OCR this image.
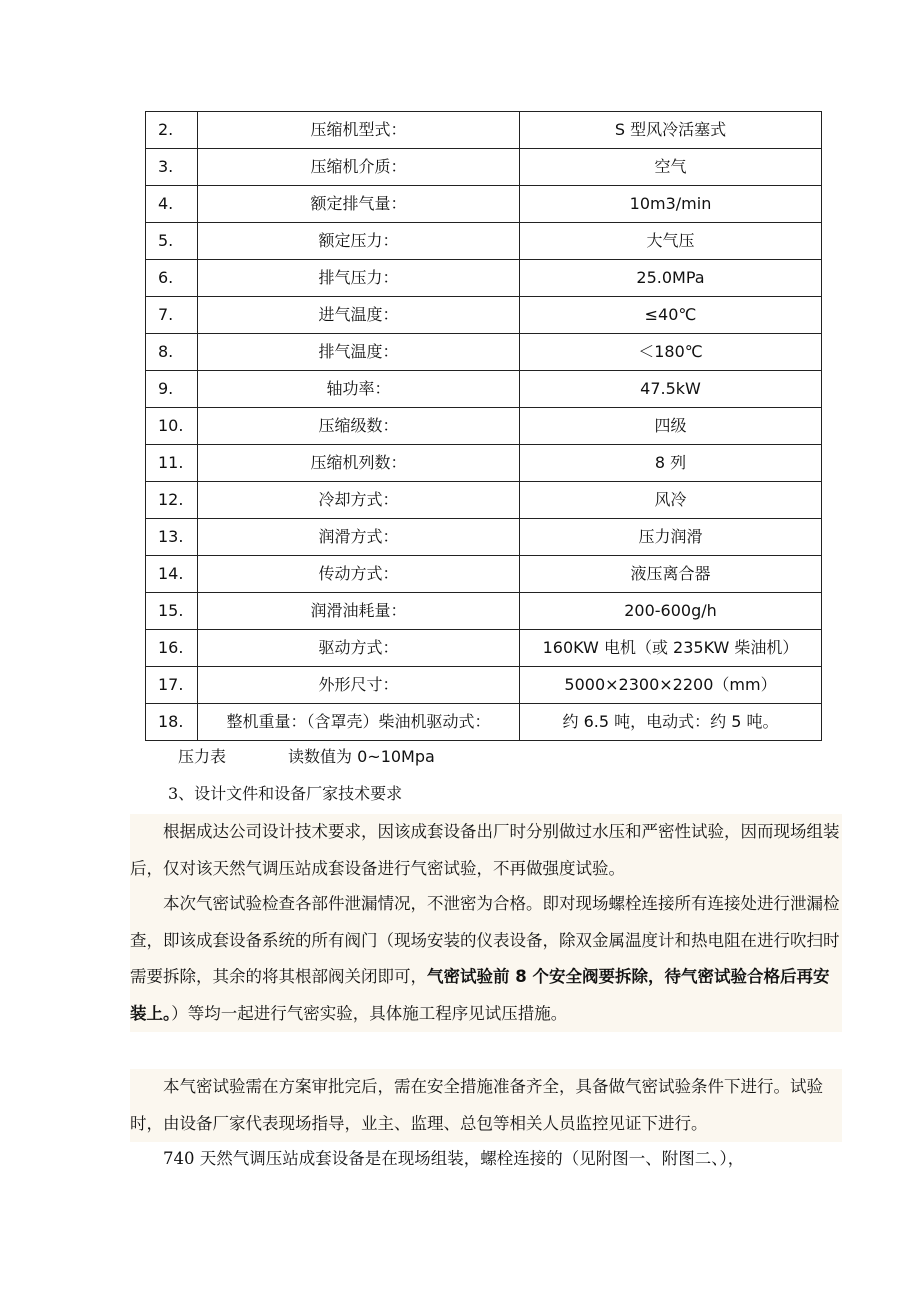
2.	压缩机型式：	S 型风冷活塞式
3.	压缩机介质：	空气
4.	额定排气量：	10m3/min
5.	额定压力：	大气压
6.	排气压力：	25.0MPa
7.	进气温度：	≤40℃
8.	排气温度：	＜180℃
9.	轴功率：	47.5kW
10.	压缩级数：	四级
11.	压缩机列数：	8 列
12.	冷却方式：	风冷
13.	润滑方式：	压力润滑
14.	传动方式：	液压离合器
15.	润滑油耗量：	200-600g/h
16.	驱动方式：	160KW 电机（或 235KW 柴油机）
17.	外形尺寸：	5000×2300×2200（mm）
18.	整机重量：（含罩壳）柴油机驱动式：	约 6.5 吨，电动式：约 5 吨。
压力表	读数值为 0~10Mpa
3、设计文件和设备厂家技术要求

根据成达公司设计技术要求，因该成套设备出厂时分别做过水压和严密性试验，因而现场组装后，仅对该天然气调压站成套设备进行气密试验，不再做强度试验。

本次气密试验检查各部件泄漏情况，不泄密为合格。即对现场螺栓连接所有连接处进行泄漏检查，即该成套设备系统的所有阀门（现场安装的仪表设备，除双金属温度计和热电阻在进行吹扫时需要拆除，其余的将其根部阀关闭即可，气密试验前 8 个安全阀要拆除，待气密试验合格后再安装上。）等均一起进行气密实验，具体施工程序见试压措施。

本气密试验需在方案审批完后，需在安全措施准备齐全，具备做气密试验条件下进行。试验时，由设备厂家代表现场指导，业主、监理、总包等相关人员监控见证下进行。

740 天然气调压站成套设备是在现场组装，螺栓连接的（见附图一、附图二、），
